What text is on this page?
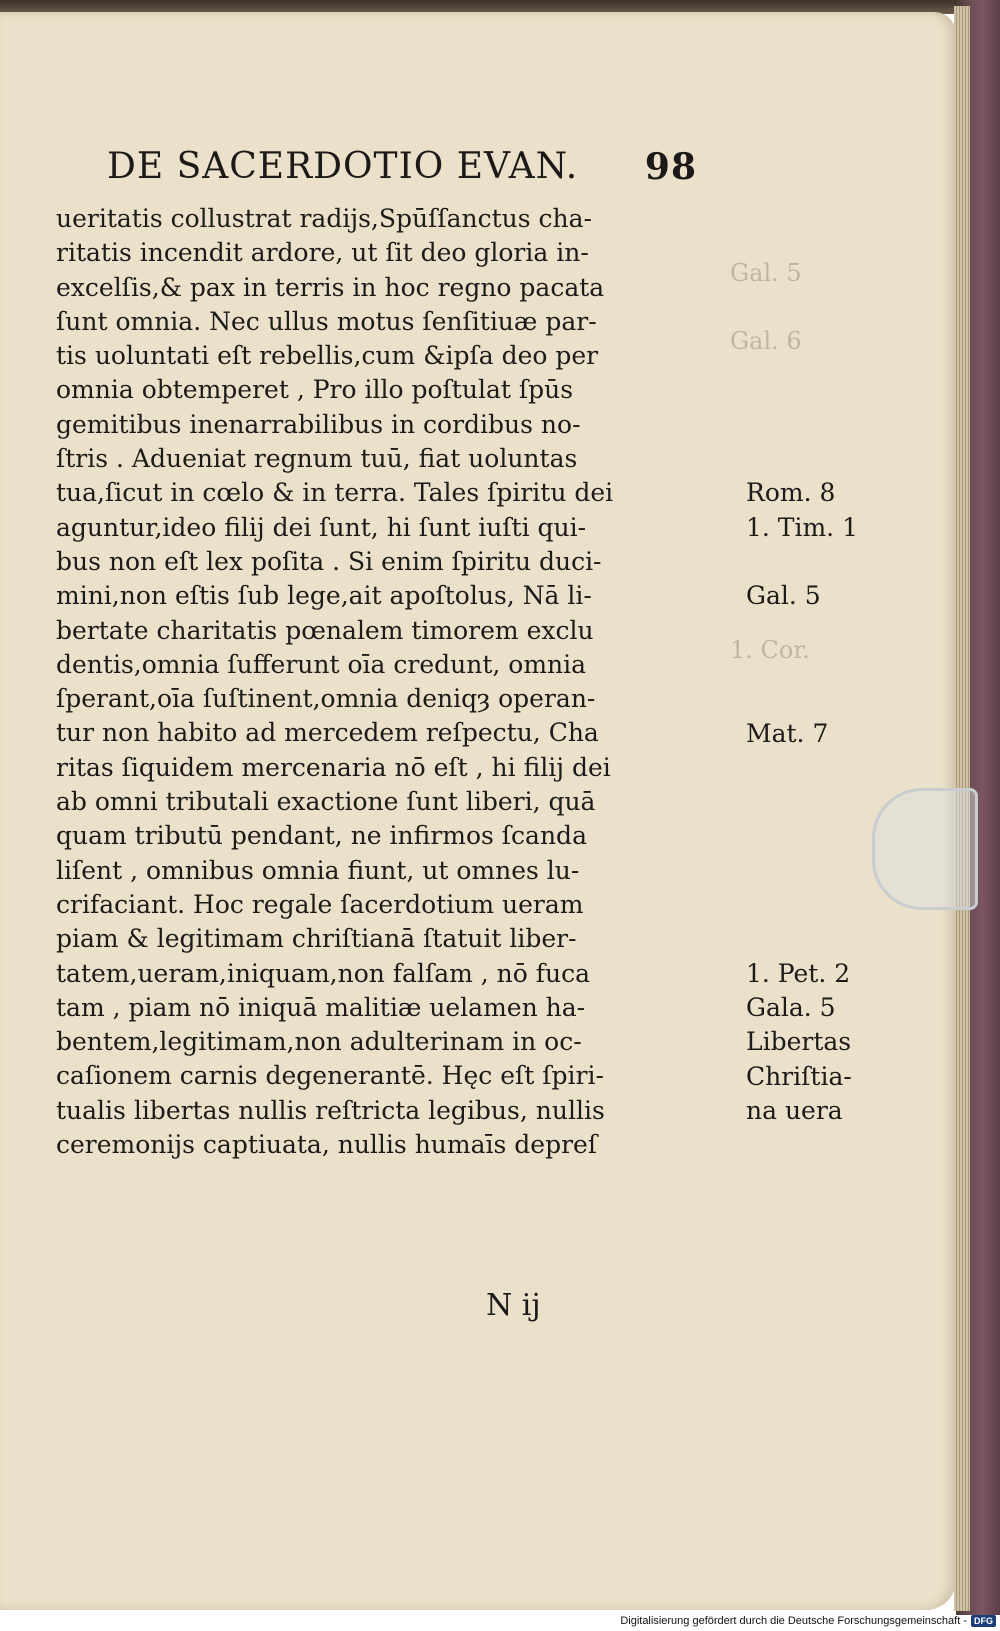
DE SACERDOTIO EVAN. 98
ueritatis collustrat radijs,Spūſſanctus cha-
ritatis incendit ardore, ut ſit deo gloria in-
excelſis,& pax in terris in hoc regno pacata
ſunt omnia. Nec ullus motus ſenſitiuæ par-
tis uoluntati eſt rebellis,cum &ipſa deo per
omnia obtemperet , Pro illo poſtulat ſpūs
gemitibus inenarrabilibus in cordibus no-
ſtris . Adueniat regnum tuū, fiat uoluntas
tua,ſicut in cœlo & in terra. Tales ſpiritu dei
aguntur,ideo filij dei ſunt, hi ſunt iuſti qui-
bus non eſt lex poſita . Si enim ſpiritu duci-
mini,non eſtis ſub lege,ait apoſtolus, Nā li-
bertate charitatis pœnalem timorem exclu
dentis,omnia ſufferunt oīa credunt, omnia
ſperant,oīa ſuſtinent,omnia deniqȝ operan-
tur non habito ad mercedem reſpectu, Cha
ritas ſiquidem mercenaria nō eſt , hi filij dei
ab omni tributali exactione ſunt liberi, quā
quam tributū pendant, ne infirmos ſcanda
liſent , omnibus omnia fiunt, ut omnes lu-
crifaciant. Hoc regale ſacerdotium ueram
piam & legitimam chriſtianā ſtatuit liber-
tatem,ueram,iniquam,non falſam , nō fuca
tam , piam nō iniquā malitiæ uelamen ha-
bentem,legitimam,non adulterinam in oc-
caſionem carnis degenerantē. Hęc eſt ſpiri-
tualis libertas nullis reſtricta legibus, nullis
ceremonijs captiuata, nullis humaīs depreſ
Rom. 8
1. Tim. 1
Gal. 5
Mat. 7
1. Pet. 2
Gala. 5
Libertas
Chriſtia-
na uera
Gal. 5
Gal. 6
1. Cor.
N ij
Digitalisierung gefördert durch die Deutsche Forschungsgemeinschaft - DFG
